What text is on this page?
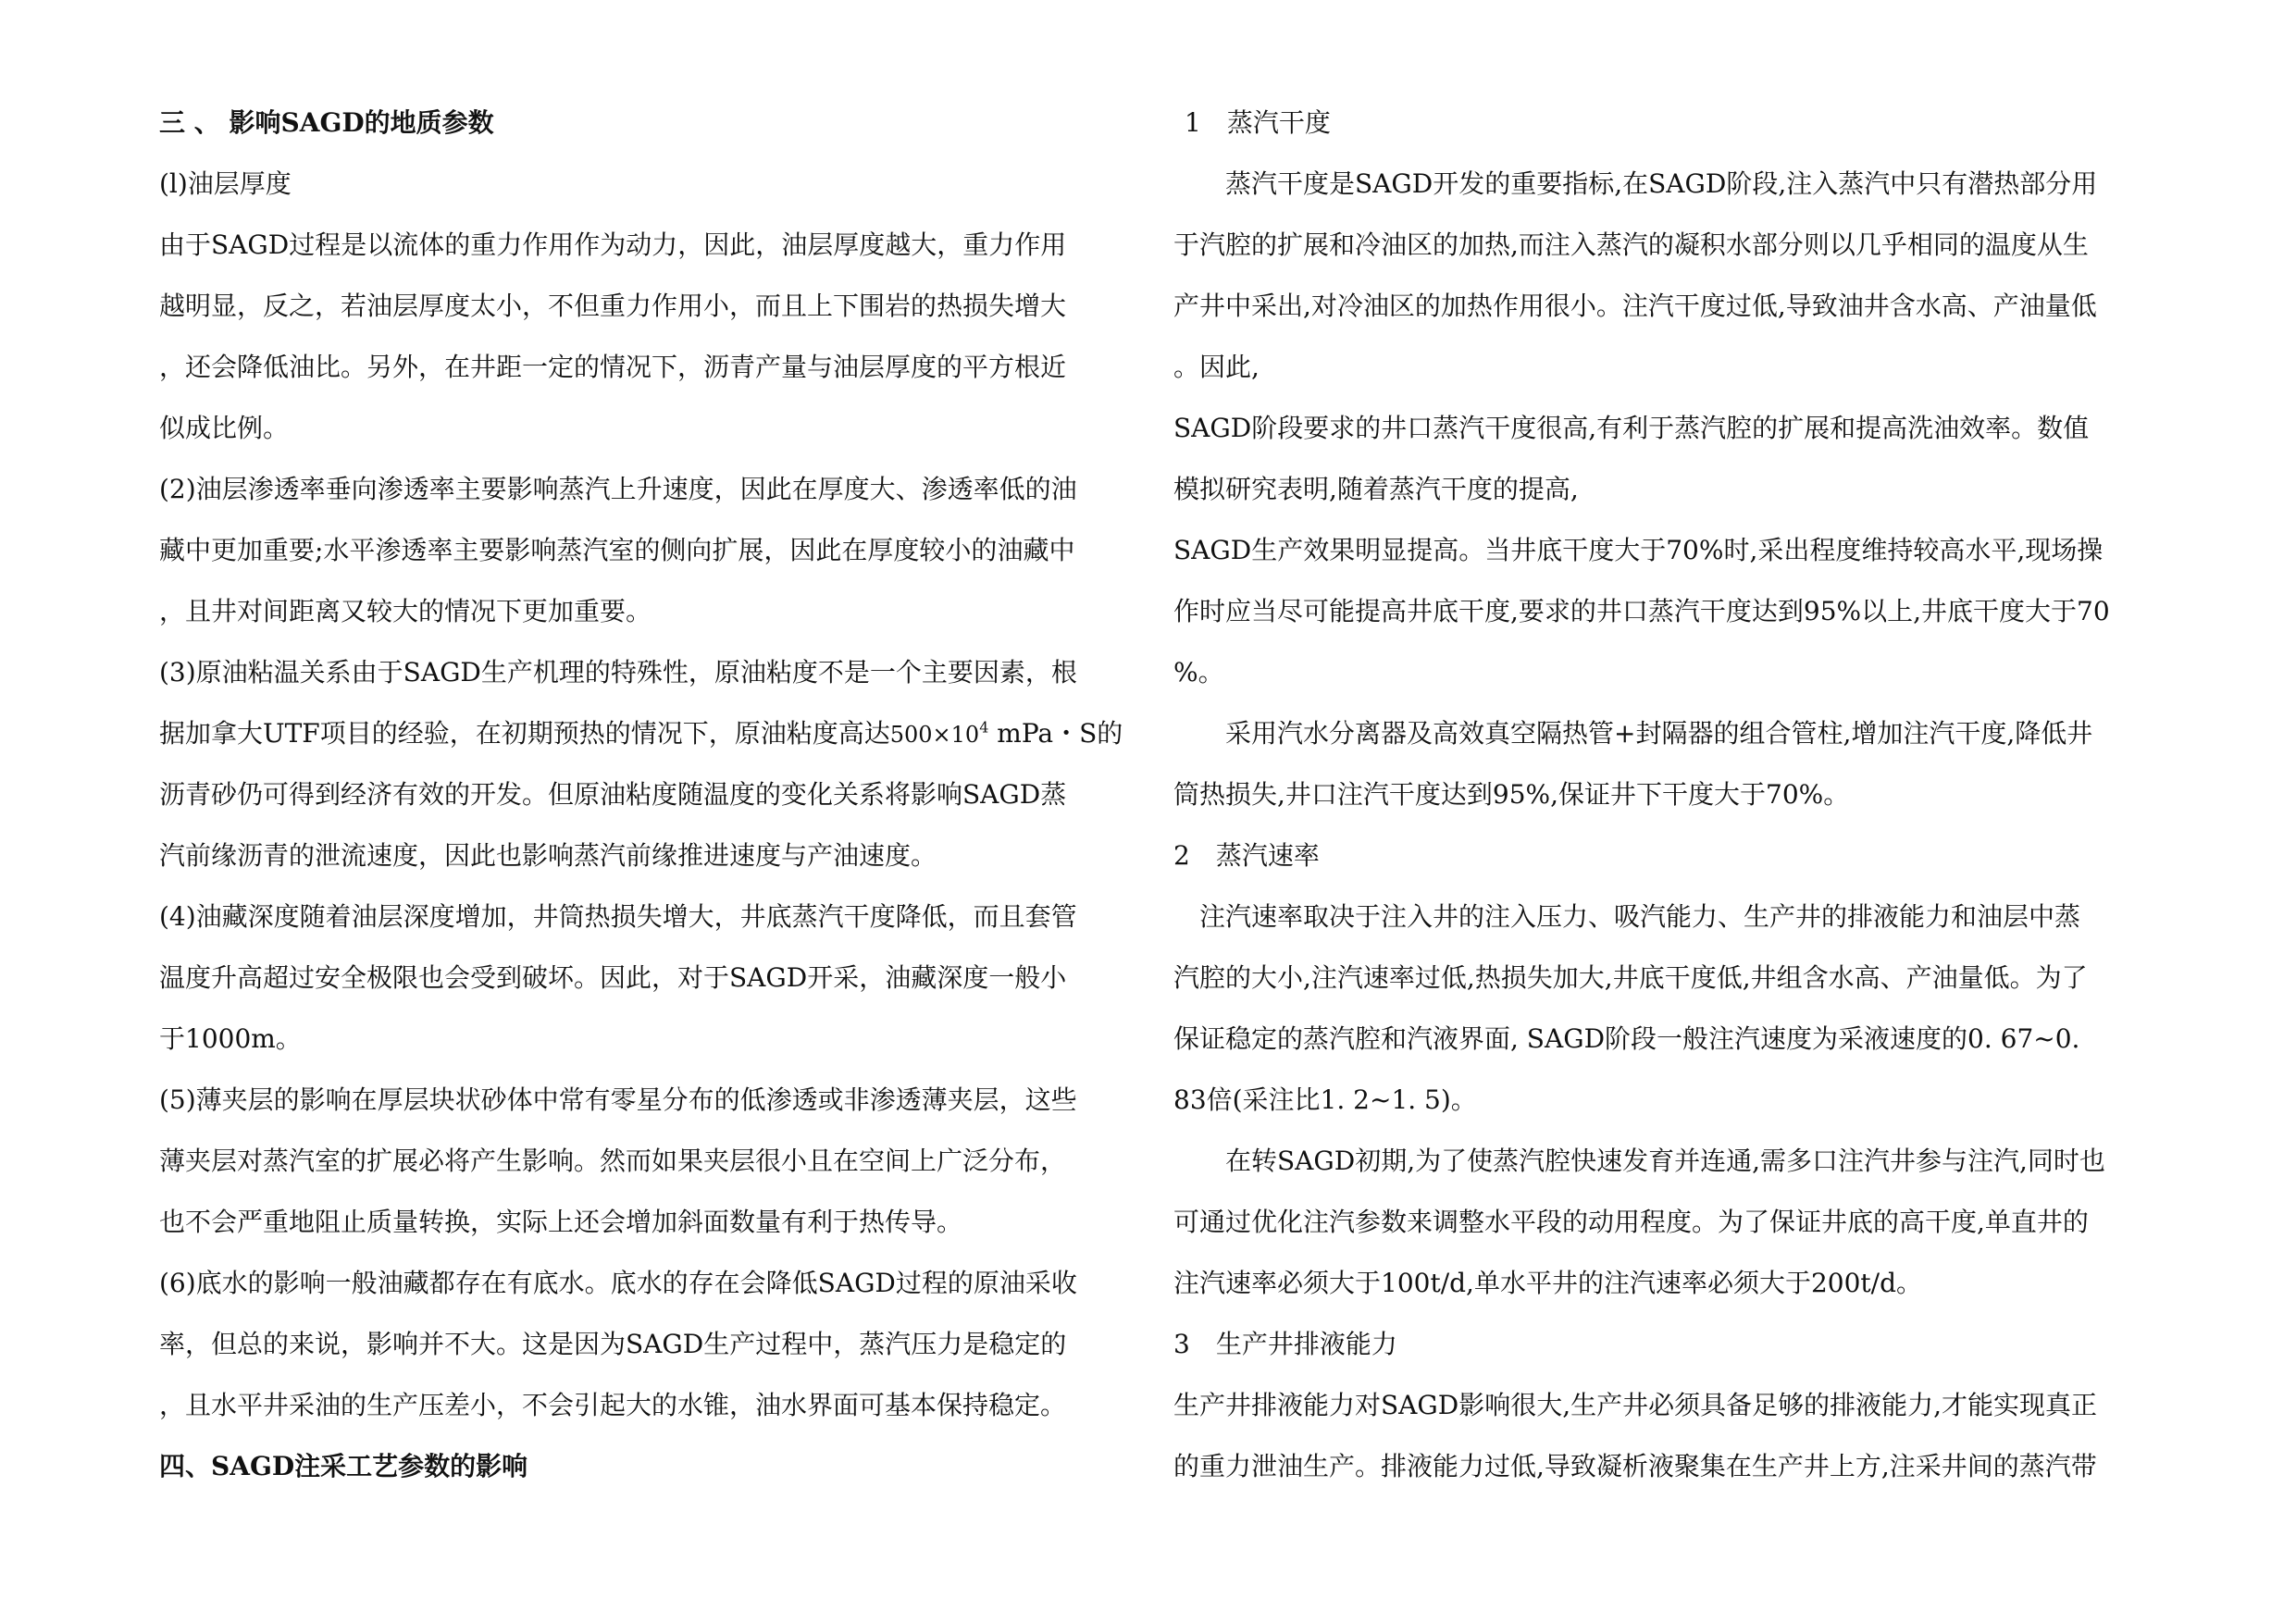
三 、 影响SAGD的地质参数
(l)油层厚度
由于SAGD过程是以流体的重力作用作为动力，因此，油层厚度越大，重力作用
越明显，反之，若油层厚度太小，不但重力作用小，而且上下围岩的热损失增大
，还会降低油比。另外，在井距一定的情况下，沥青产量与油层厚度的平方根近
似成比例。
(2)油层渗透率垂向渗透率主要影响蒸汽上升速度，因此在厚度大、渗透率低的油
藏中更加重要;水平渗透率主要影响蒸汽室的侧向扩展，因此在厚度较小的油藏中
，且井对间距离又较大的情况下更加重要。
(3)原油粘温关系由于SAGD生产机理的特殊性，原油粘度不是一个主要因素，根
据加拿大UTF项目的经验，在初期预热的情况下，原油粘度高达$500\times 10^4$ mPa・S的
沥青砂仍可得到经济有效的开发。但原油粘度随温度的变化关系将影响SAGD蒸
汽前缘沥青的泄流速度，因此也影响蒸汽前缘推进速度与产油速度。
(4)油藏深度随着油层深度增加，井筒热损失增大，井底蒸汽干度降低，而且套管
温度升高超过安全极限也会受到破坏。因此，对于SAGD开采，油藏深度一般小
于1000m。
(5)薄夹层的影响在厚层块状砂体中常有零星分布的低渗透或非渗透薄夹层，这些
薄夹层对蒸汽室的扩展必将产生影响。然而如果夹层很小且在空间上广泛分布，
也不会严重地阻止质量转换，实际上还会增加斜面数量有利于热传导。
(6)底水的影响一般油藏都存在有底水。底水的存在会降低SAGD过程的原油采收
率，但总的来说，影响并不大。这是因为SAGD生产过程中，蒸汽压力是稳定的
，且水平井采油的生产压差小，不会引起大的水锥，油水界面可基本保持稳定。
四、SAGD注采工艺参数的影响
1　蒸汽干度
　　蒸汽干度是SAGD开发的重要指标,在SAGD阶段,注入蒸汽中只有潜热部分用
于汽腔的扩展和冷油区的加热,而注入蒸汽的凝积水部分则以几乎相同的温度从生
产井中采出,对冷油区的加热作用很小。注汽干度过低,导致油井含水高、产油量低
。因此,
SAGD阶段要求的井口蒸汽干度很高,有利于蒸汽腔的扩展和提高洗油效率。数值
模拟研究表明,随着蒸汽干度的提高,
SAGD生产效果明显提高。当井底干度大于70%时,采出程度维持较高水平,现场操
作时应当尽可能提高井底干度,要求的井口蒸汽干度达到95%以上,井底干度大于70
%。
　　采用汽水分离器及高效真空隔热管+封隔器的组合管柱,增加注汽干度,降低井
筒热损失,井口注汽干度达到95%,保证井下干度大于70%。
2　蒸汽速率
　注汽速率取决于注入井的注入压力、吸汽能力、生产井的排液能力和油层中蒸
汽腔的大小,注汽速率过低,热损失加大,井底干度低,井组含水高、产油量低。为了
保证稳定的蒸汽腔和汽液界面, SAGD阶段一般注汽速度为采液速度的0. 67~0.
83倍(采注比1. 2~1. 5)。
　　在转SAGD初期,为了使蒸汽腔快速发育并连通,需多口注汽井参与注汽,同时也
可通过优化注汽参数来调整水平段的动用程度。为了保证井底的高干度,单直井的
注汽速率必须大于100t/d,单水平井的注汽速率必须大于200t/d。
3　生产井排液能力
生产井排液能力对SAGD影响很大,生产井必须具备足够的排液能力,才能实现真正
的重力泄油生产。排液能力过低,导致凝析液聚集在生产井上方,注采井间的蒸汽带
